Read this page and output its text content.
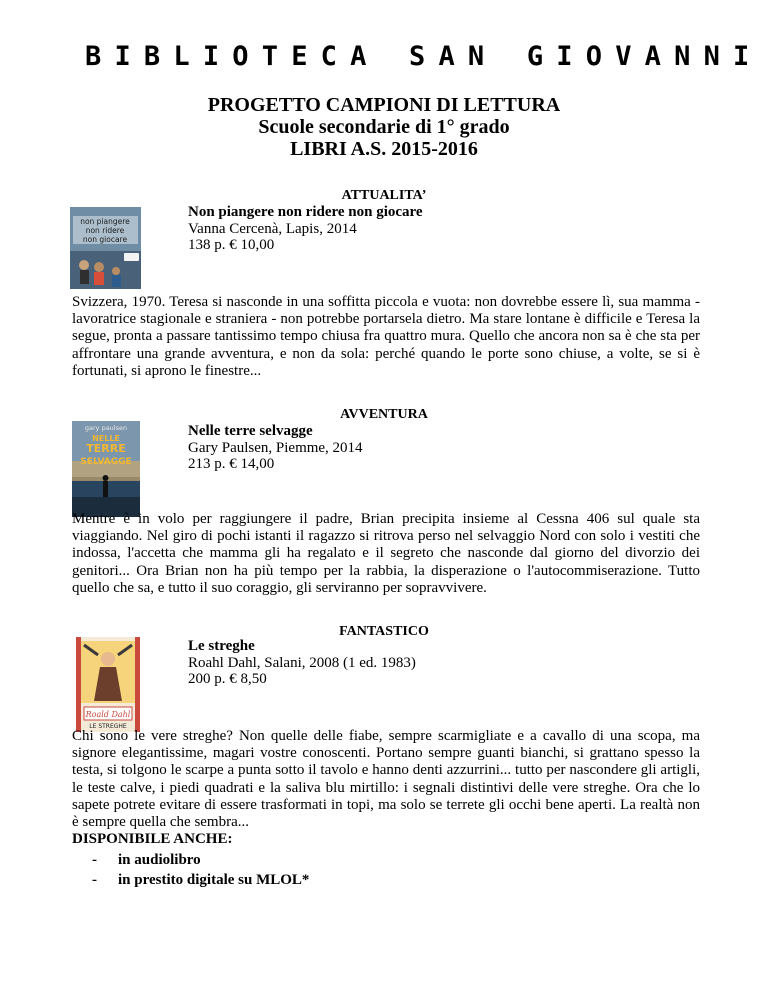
BIBLIOTECA SAN GIOVANNI
PROGETTO CAMPIONI DI LETTURA
Scuole secondarie di 1° grado
LIBRI A.S. 2015-2016
ATTUALITA’
non piangere
non ridere
non giocare
Non piangere non ridere non giocare
Vanna Cercenà, Lapis, 2014
138 p. € 10,00
Svizzera, 1970. Teresa si nasconde in una soffitta piccola e vuota: non dovrebbe essere lì, sua mamma - lavoratrice stagionale e straniera - non potrebbe portarsela dietro. Ma stare lontane è difficile e Teresa la segue, pronta a passare tantissimo tempo chiusa fra quattro mura. Quello che ancora non sa è che sta per affrontare una grande avventura, e non da sola: perché quando le porte sono chiuse, a volte, se si è fortunati, si aprono le finestre...
AVVENTURA
gary paulsen
NELLE
TERRE
SELVAGGE
Nelle terre selvagge
Gary Paulsen, Piemme, 2014
213 p. € 14,00
Mentre è in volo per raggiungere il padre, Brian precipita insieme al Cessna 406 sul quale sta viaggiando. Nel giro di pochi istanti il ragazzo si ritrova perso nel selvaggio Nord con solo i vestiti che indossa, l'accetta che mamma gli ha regalato e il segreto che nasconde dal giorno del divorzio dei genitori... Ora Brian non ha più tempo per la rabbia, la disperazione o l'autocommiserazione. Tutto quello che sa, e tutto il suo coraggio, gli serviranno per sopravvivere.
FANTASTICO
Roald Dahl
LE STREGHE
Le streghe
Roahl Dahl, Salani, 2008 (1 ed. 1983)
200 p. € 8,50
Chi sono le vere streghe? Non quelle delle fiabe, sempre scarmigliate e a cavallo di una scopa, ma signore elegantissime, magari vostre conoscenti. Portano sempre guanti bianchi, si grattano spesso la testa, si tolgono le scarpe a punta sotto il tavolo e hanno denti azzurrini... tutto per nascondere gli artigli, le teste calve, i piedi quadrati e la saliva blu mirtillo: i segnali distintivi delle vere streghe. Ora che lo sapete potrete evitare di essere trasformati in topi, ma solo se terrete gli occhi bene aperti. La realtà non è sempre quella che sembra...
DISPONIBILE ANCHE:
-	in audiolibro
-	in prestito digitale su MLOL*
